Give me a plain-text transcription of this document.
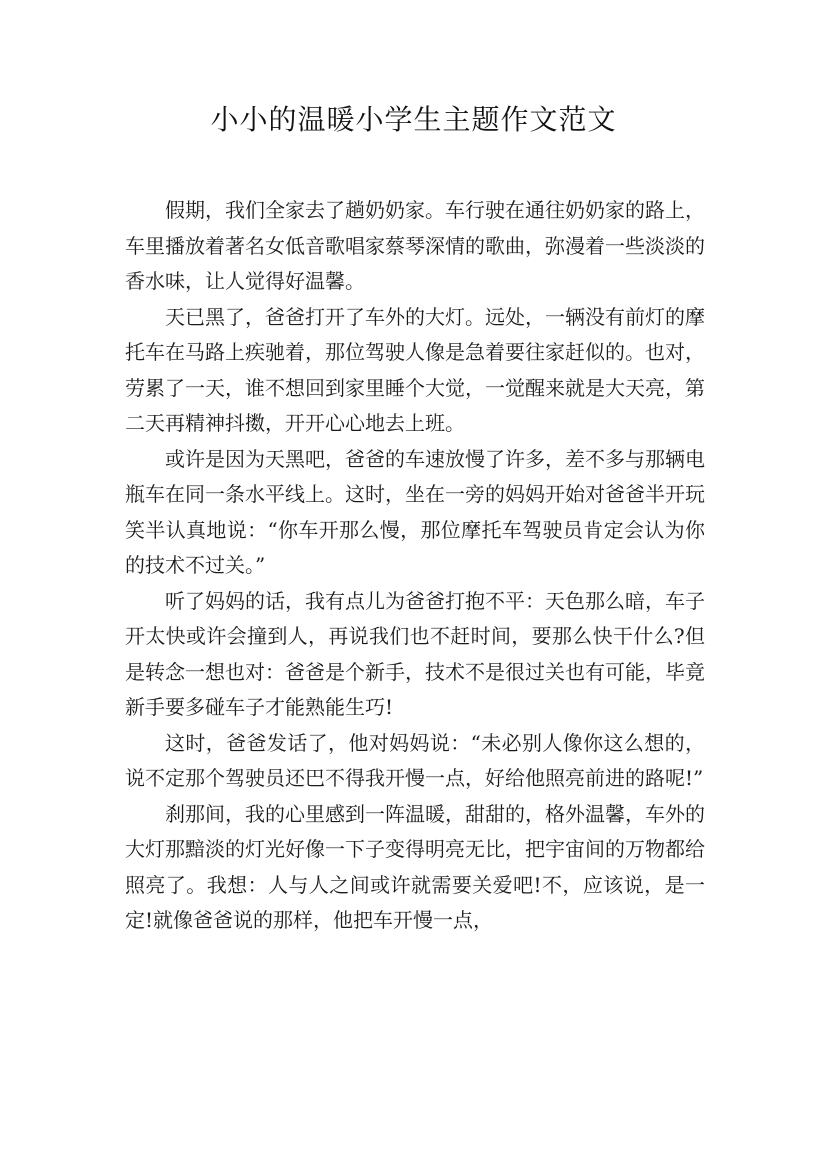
小小的温暖小学生主题作文范文

假期，我们全家去了趟奶奶家。车行驶在通往奶奶家的路上，车里播放着著名女低音歌唱家蔡琴深情的歌曲，弥漫着一些淡淡的香水味，让人觉得好温馨。

天已黑了，爸爸打开了车外的大灯。远处，一辆没有前灯的摩托车在马路上疾驰着，那位驾驶人像是急着要往家赶似的。也对，劳累了一天，谁不想回到家里睡个大觉，一觉醒来就是大天亮，第二天再精神抖擞，开开心心地去上班。

或许是因为天黑吧，爸爸的车速放慢了许多，差不多与那辆电瓶车在同一条水平线上。这时，坐在一旁的妈妈开始对爸爸半开玩笑半认真地说：“你车开那么慢，那位摩托车驾驶员肯定会认为你的技术不过关。”

听了妈妈的话，我有点儿为爸爸打抱不平：天色那么暗，车子开太快或许会撞到人，再说我们也不赶时间，要那么快干什么?但是转念一想也对：爸爸是个新手，技术不是很过关也有可能，毕竟新手要多碰车子才能熟能生巧!

这时，爸爸发话了，他对妈妈说：“未必别人像你这么想的，说不定那个驾驶员还巴不得我开慢一点，好给他照亮前进的路呢!”

刹那间，我的心里感到一阵温暖，甜甜的，格外温馨，车外的大灯那黯淡的灯光好像一下子变得明亮无比，把宇宙间的万物都给照亮了。我想：人与人之间或许就需要关爱吧!不，应该说，是一定!就像爸爸说的那样，他把车开慢一点，
